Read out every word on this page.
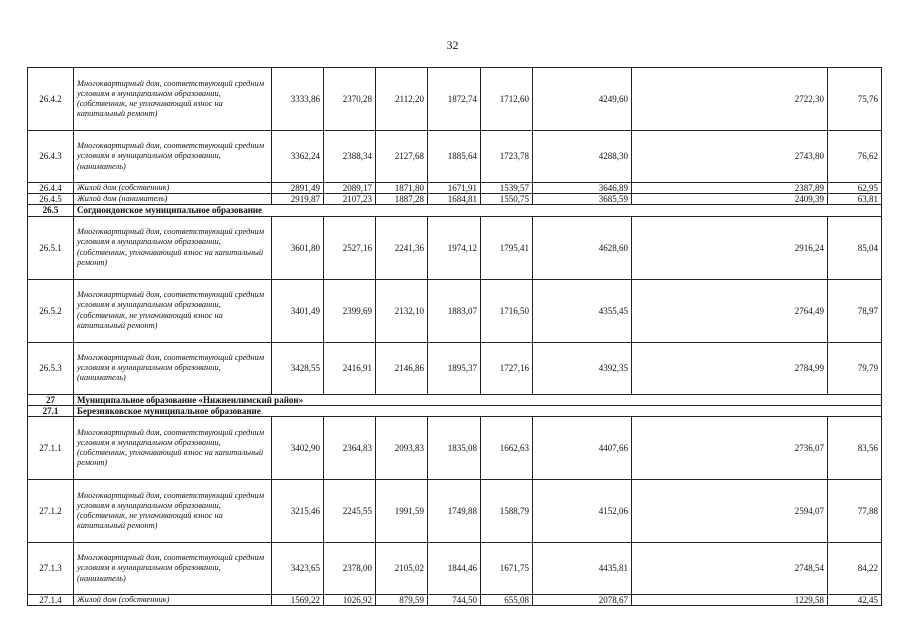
32
26.4.2	Многоквартирный дом, соответствующий средним условиям в муниципальном образовании, (собственник, не уплачивающий взнос на капитальный ремонт)	3333,86	2370,28	2112,20	1872,74	1712,60	4249,60	2722,30	75,76
26.4.3	Многоквартирный дом, соответствующий средним условиям в муниципальном образовании, (наниматель)	3362,24	2388,34	2127,68	1885,64	1723,78	4288,30	2743,80	76,62
26.4.4	Жилой дом (собственник)	2891,49	2089,17	1871,80	1671,91	1539,57	3646,89	2387,89	62,95
26.4.5	Жилой дом (наниматель)	2919,87	2107,23	1887,28	1684,81	1550,75	3685,59	2409,39	63,81
26.5	Согдиондонское муниципальное образование								
26.5.1	Многоквартирный дом, соответствующий средним условиям в муниципальном образовании, (собственник, уплачивающий взнос на капитальный ремонт)	3601,80	2527,16	2241,36	1974,12	1795,41	4628,60	2916,24	85,04
26.5.2	Многоквартирный дом, соответствующий средним условиям в муниципальном образовании, (собственник, не уплачивающий взнос на капитальный ремонт)	3401,49	2399,69	2132,10	1883,07	1716,50	4355,45	2764,49	78,97
26.5.3	Многоквартирный дом, соответствующий средним условиям в муниципальном образовании, (наниматель)	3428,55	2416,91	2146,86	1895,37	1727,16	4392,35	2784,99	79,79
27	Муниципальное образование «Нижнеилимский район»								
27.1	Березняковское муниципальное образование								
27.1.1	Многоквартирный дом, соответствующий средним условиям в муниципальном образовании, (собственник, уплачивающий взнос на капитальный ремонт)	3402,90	2364,83	2093,83	1835,08	1662,63	4407,66	2736,07	83,56
27.1.2	Многоквартирный дом, соответствующий средним условиям в муниципальном образовании, (собственник, не уплачивающий взнос на капитальный ремонт)	3215,46	2245,55	1991,59	1749,88	1588,79	4152,06	2594,07	77,88
27.1.3	Многоквартирный дом, соответствующий средним условиям в муниципальном образовании, (наниматель)	3423,65	2378,00	2105,02	1844,46	1671,75	4435,81	2748,54	84,22
27.1.4	Жилой дом (собственник)	1569,22	1026,92	879,59	744,50	655,08	2078,67	1229,58	42,45
